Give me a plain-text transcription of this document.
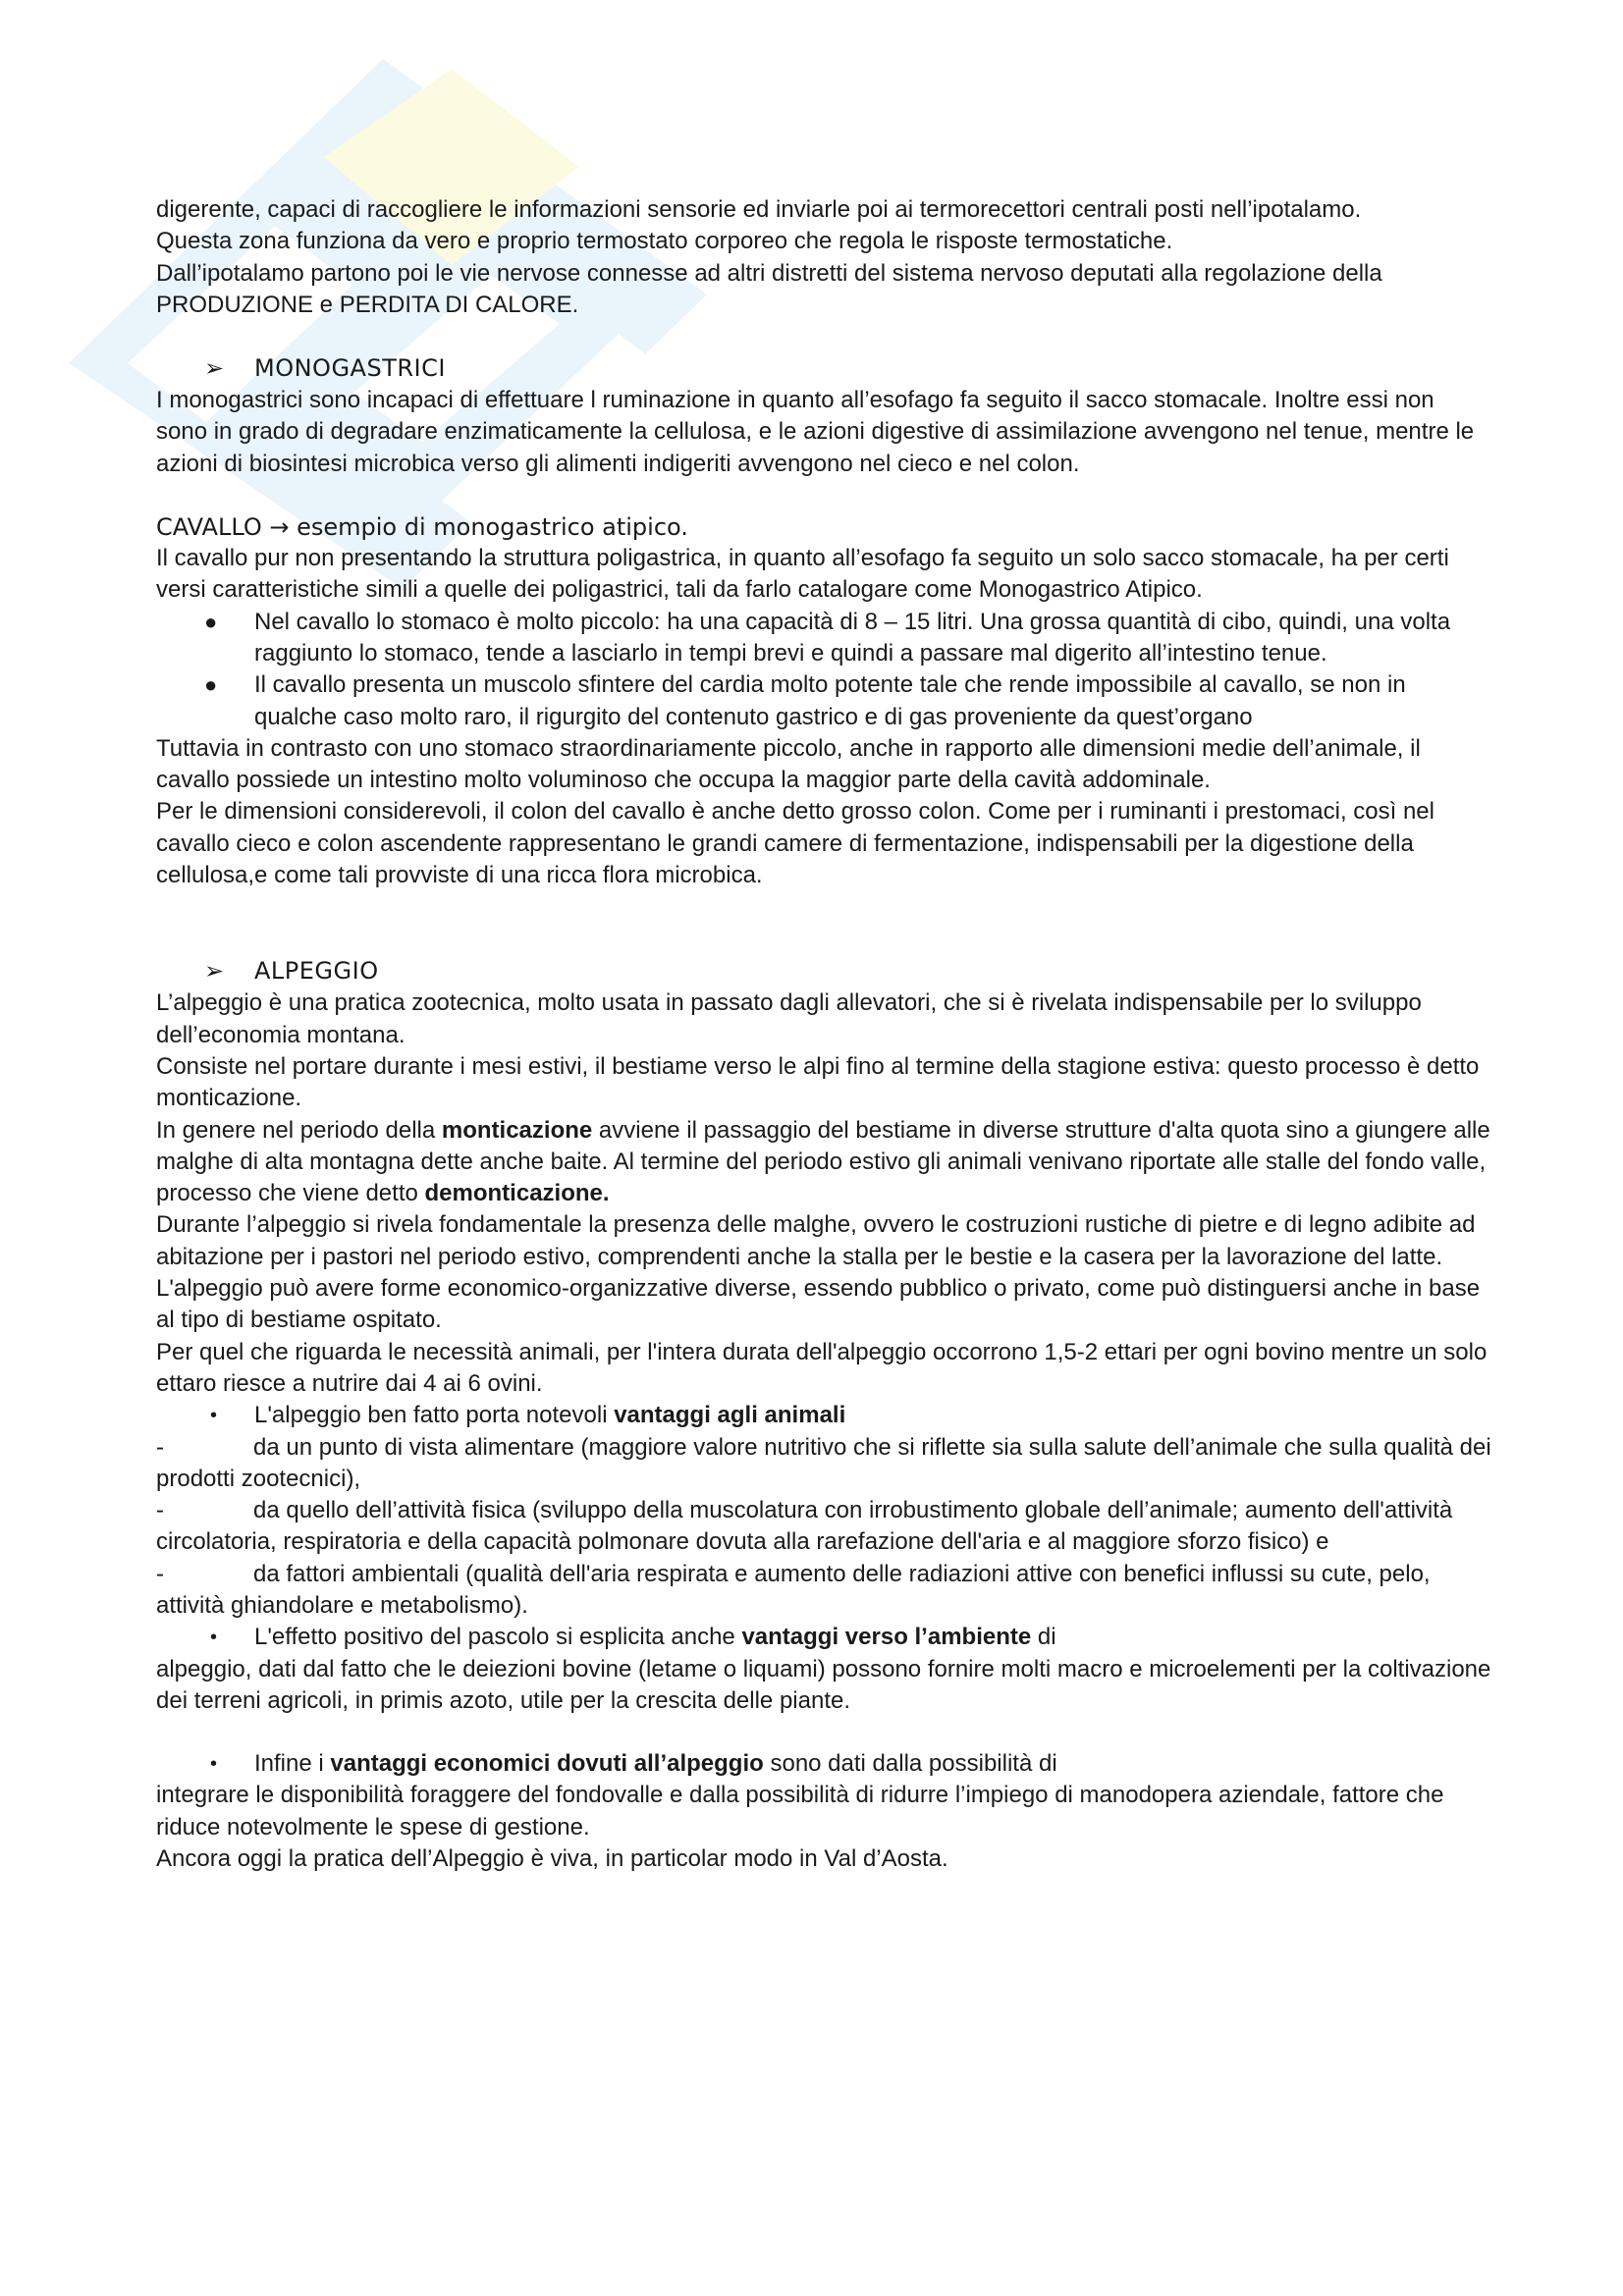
digerente, capaci di raccogliere le informazioni sensorie ed inviarle poi ai termorecettori centrali posti nell’ipotalamo.

Questa zona funziona da vero e proprio termostato corporeo che regola le risposte termostatiche.

Dall’ipotalamo partono poi le vie nervose connesse ad altri distretti del sistema nervoso deputati alla regolazione della PRODUZIONE e PERDITA DI CALORE.

➢ MONOGASTRICI

I monogastrici sono incapaci di effettuare l ruminazione in quanto all’esofago fa seguito il sacco stomacale. Inoltre essi non sono in grado di degradare enzimaticamente la cellulosa, e le azioni digestive di assimilazione avvengono nel tenue, mentre le azioni di biosintesi microbica verso gli alimenti indigeriti avvengono nel cieco e nel colon.

CAVALLO → esempio di monogastrico atipico.

Il cavallo pur non presentando la struttura poligastrica, in quanto all’esofago fa seguito un solo sacco stomacale, ha per certi versi caratteristiche simili a quelle dei poligastrici, tali da farlo catalogare come Monogastrico Atipico.

● Nel cavallo lo stomaco è molto piccolo: ha una capacità di 8 – 15 litri. Una grossa quantità di cibo, quindi, una volta raggiunto lo stomaco, tende a lasciarlo in tempi brevi e quindi a passare mal digerito all’intestino tenue.
● Il cavallo presenta un muscolo sfintere del cardia molto potente tale che rende impossibile al cavallo, se non in qualche caso molto raro, il rigurgito del contenuto gastrico e di gas proveniente da quest’organo

Tuttavia in contrasto con uno stomaco straordinariamente piccolo, anche in rapporto alle dimensioni medie dell’animale, il cavallo possiede un intestino molto voluminoso che occupa la maggior parte della cavità addominale.

Per le dimensioni considerevoli, il colon del cavallo è anche detto grosso colon. Come per i ruminanti i prestomaci, così nel cavallo cieco e colon ascendente rappresentano le grandi camere di fermentazione, indispensabili per la digestione della cellulosa,e come tali provviste di una ricca flora microbica.

➢ ALPEGGIO

L’alpeggio è una pratica zootecnica, molto usata in passato dagli allevatori, che si è rivelata indispensabile per lo sviluppo dell’economia montana.

Consiste nel portare durante i mesi estivi, il bestiame verso le alpi fino al termine della stagione estiva: questo processo è detto monticazione.

In genere nel periodo della monticazione avviene il passaggio del bestiame in diverse strutture d'alta quota sino a giungere alle malghe di alta montagna dette anche baite. Al termine del periodo estivo gli animali venivano riportate alle stalle del fondo valle, processo che viene detto demonticazione.

Durante l’alpeggio si rivela fondamentale la presenza delle malghe, ovvero le costruzioni rustiche di pietre e di legno adibite ad abitazione per i pastori nel periodo estivo, comprendenti anche la stalla per le bestie e la casera per la lavorazione del latte.

L'alpeggio può avere forme economico-organizzative diverse, essendo pubblico o privato, come può distinguersi anche in base al tipo di bestiame ospitato.

Per quel che riguarda le necessità animali, per l'intera durata dell'alpeggio occorrono 1,5-2 ettari per ogni bovino mentre un solo ettaro riesce a nutrire dai 4 ai 6 ovini.

• L'alpeggio ben fatto porta notevoli vantaggi agli animali

-	da un punto di vista alimentare (maggiore valore nutritivo che si riflette sia sulla salute dell’animale che sulla qualità dei prodotti zootecnici),

-	da quello dell’attività fisica (sviluppo della muscolatura con irrobustimento globale dell’animale; aumento dell'attività circolatoria, respiratoria e della capacità polmonare dovuta alla rarefazione dell'aria e al maggiore sforzo fisico) e

-	da fattori ambientali (qualità dell'aria respirata e aumento delle radiazioni attive con benefici influssi su cute, pelo, attività ghiandolare e metabolismo).

• L'effetto positivo del pascolo si esplicita anche vantaggi verso l’ambiente di

alpeggio, dati dal fatto che le deiezioni bovine (letame o liquami) possono fornire molti macro e microelementi per la coltivazione dei terreni agricoli, in primis azoto, utile per la crescita delle piante.

• Infine i vantaggi economici dovuti all’alpeggio sono dati dalla possibilità di

integrare le disponibilità foraggere del fondovalle e dalla possibilità di ridurre l’impiego di manodopera aziendale, fattore che riduce notevolmente le spese di gestione.

Ancora oggi la pratica dell’Alpeggio è viva, in particolar modo in Val d’Aosta.
